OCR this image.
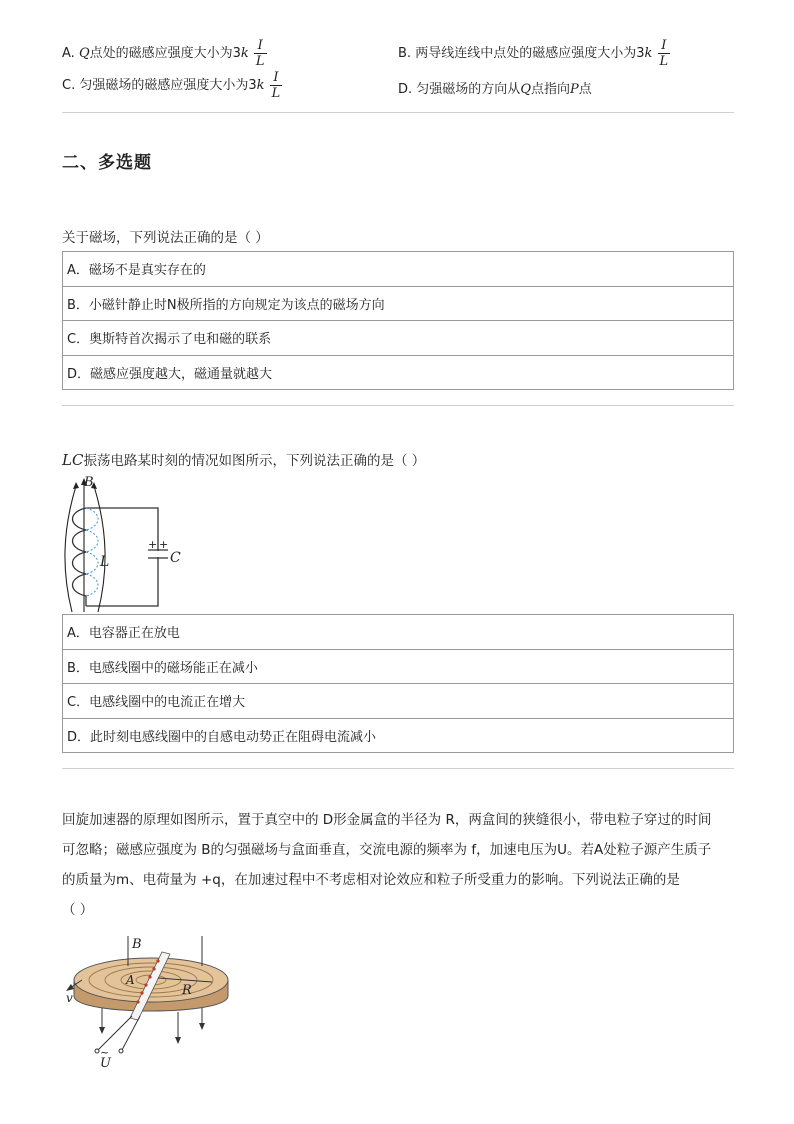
A. Q点处的磁感应强度大小为$3k \frac{I}{L}$	B. 两导线连线中点处的磁感应强度大小为$3k \frac{I}{L}$
C. 匀强磁场的磁感应强度大小为$3k \frac{I}{L}$	D. 匀强磁场的方向从Q点指向P点
二、多选题
关于磁场，下列说法正确的是（ ）
A．磁场不是真实存在的
B．小磁针静止时N极所指的方向规定为该点的磁场方向
C．奥斯特首次揭示了电和磁的联系
D．磁感应强度越大，磁通量就越大
LC振荡电路某时刻的情况如图所示，下列说法正确的是（ ）
B
L	C
+ +
A．电容器正在放电
B．电感线圈中的磁场能正在减小
C．电感线圈中的电流正在增大
D．此时刻电感线圈中的自感电动势正在阻碍电流减小
回旋加速器的原理如图所示，置于真空中的 D形金属盒的半径为 R，两盒间的狭缝很小，带电粒子穿过的时间
可忽略；磁感应强度为 B的匀强磁场与盒面垂直，交流电源的频率为 f，加速电压为U。若A处粒子源产生质子
的质量为m、电荷量为 +q，在加速过程中不考虑相对论效应和粒子所受重力的影响。下列说法正确的是
（ ）
B
A
R
v
~
U
